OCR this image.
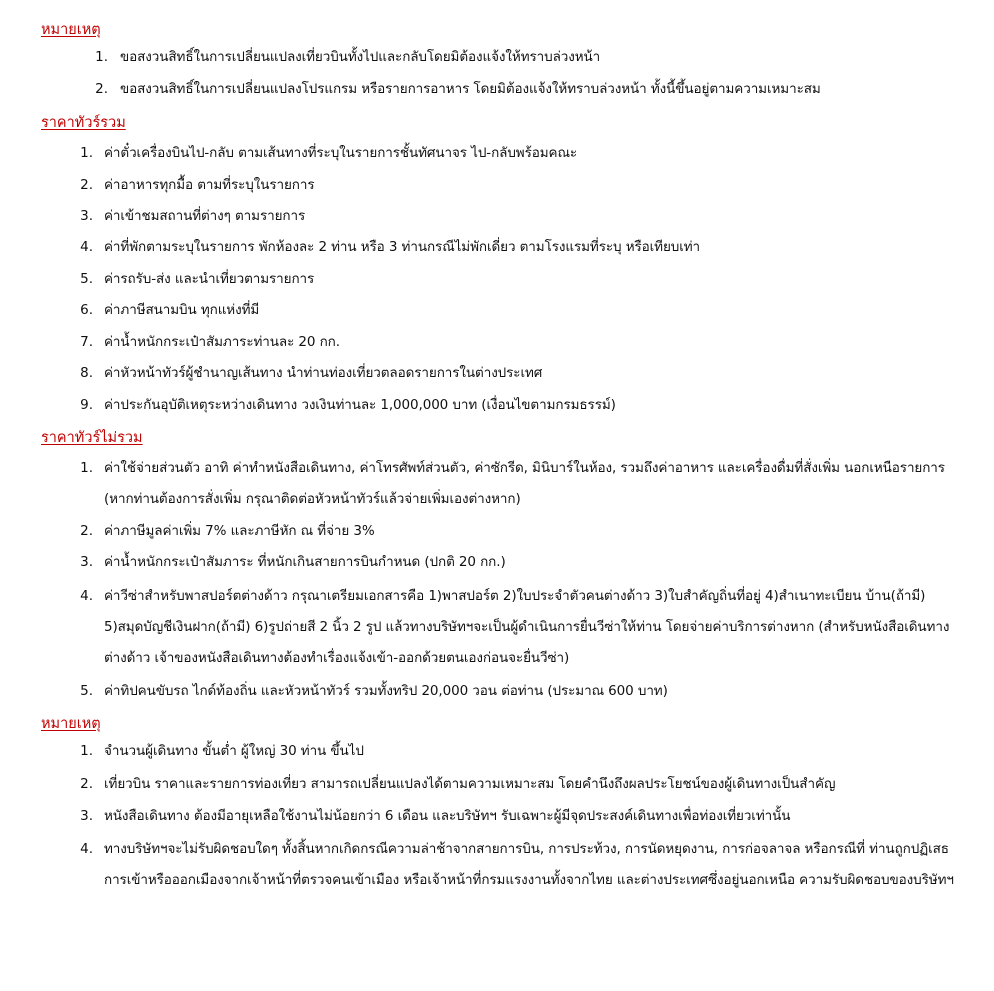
หมายเหตุ
1. ขอสงวนสิทธิ์ในการเปลี่ยนแปลงเที่ยวบินทั้งไปและกลับโดยมิต้องแจ้งให้ทราบล่วงหน้า
2. ขอสงวนสิทธิ์ในการเปลี่ยนแปลงโปรแกรม หรือรายการอาหาร โดยมิต้องแจ้งให้ทราบล่วงหน้า ทั้งนี้ขึ้นอยู่ตามความเหมาะสม
ราคาทัวร์รวม
1. ค่าตั๋วเครื่องบินไป-กลับ ตามเส้นทางที่ระบุในรายการชั้นทัศนาจร ไป-กลับพร้อมคณะ
2. ค่าอาหารทุกมื้อ ตามที่ระบุในรายการ
3. ค่าเข้าชมสถานที่ต่างๆ ตามรายการ
4. ค่าที่พักตามระบุในรายการ พักห้องละ 2 ท่าน หรือ 3 ท่านกรณีไม่พักเดี่ยว ตามโรงแรมที่ระบุ หรือเทียบเท่า
5. ค่ารถรับ-ส่ง และนำเที่ยวตามรายการ
6. ค่าภาษีสนามบิน ทุกแห่งที่มี
7. ค่าน้ำหนักกระเป๋าสัมภาระท่านละ 20 กก.
8. ค่าหัวหน้าทัวร์ผู้ชำนาญเส้นทาง นำท่านท่องเที่ยวตลอดรายการในต่างประเทศ
9. ค่าประกันอุบัติเหตุระหว่างเดินทาง วงเงินท่านละ 1,000,000 บาท (เงื่อนไขตามกรมธรรม์)
ราคาทัวร์ไม่รวม
1. ค่าใช้จ่ายส่วนตัว อาทิ ค่าทำหนังสือเดินทาง, ค่าโทรศัพท์ส่วนตัว, ค่าซักรีด, มินิบาร์ในห้อง, รวมถึงค่าอาหาร และเครื่องดื่มที่สั่งเพิ่ม นอกเหนือรายการ (หากท่านต้องการสั่งเพิ่ม กรุณาติดต่อหัวหน้าทัวร์แล้วจ่ายเพิ่มเองต่างหาก)
2. ค่าภาษีมูลค่าเพิ่ม 7% และภาษีหัก ณ ที่จ่าย 3%
3. ค่าน้ำหนักกระเป๋าสัมภาระ ที่หนักเกินสายการบินกำหนด (ปกติ 20 กก.)
4. ค่าวีซ่าสำหรับพาสปอร์ตต่างด้าว กรุณาเตรียมเอกสารคือ 1)พาสปอร์ต 2)ใบประจำตัวคนต่างด้าว 3)ใบสำคัญถิ่นที่อยู่ 4)สำเนาทะเบียน บ้าน(ถ้ามี) 5)สมุดบัญชีเงินฝาก(ถ้ามี) 6)รูปถ่ายสี 2 นิ้ว 2 รูป แล้วทางบริษัทฯจะเป็นผู้ดำเนินการยื่นวีซ่าให้ท่าน โดยจ่ายค่าบริการต่างหาก (สำหรับหนังสือเดินทางต่างด้าว เจ้าของหนังสือเดินทางต้องทำเรื่องแจ้งเข้า-ออกด้วยตนเองก่อนจะยื่นวีซ่า)
5. ค่าทิปคนขับรถ ไกด์ท้องถิ่น และหัวหน้าทัวร์ รวมทั้งทริป 20,000 วอน ต่อท่าน (ประมาณ 600 บาท)
หมายเหตุ
1. จำนวนผู้เดินทาง ขั้นต่ำ ผู้ใหญ่ 30 ท่าน ขึ้นไป
2. เที่ยวบิน ราคาและรายการท่องเที่ยว สามารถเปลี่ยนแปลงได้ตามความเหมาะสม โดยคำนึงถึงผลประโยชน์ของผู้เดินทางเป็นสำคัญ
3. หนังสือเดินทาง ต้องมีอายุเหลือใช้งานไม่น้อยกว่า 6 เดือน และบริษัทฯ รับเฉพาะผู้มีจุดประสงค์เดินทางเพื่อท่องเที่ยวเท่านั้น
4. ทางบริษัทฯจะไม่รับผิดชอบใดๆ ทั้งสิ้นหากเกิดกรณีความล่าช้าจากสายการบิน, การประท้วง, การนัดหยุดงาน, การก่อจลาจล หรือกรณีที่ ท่านถูกปฏิเสธ การเข้าหรือออกเมืองจากเจ้าหน้าที่ตรวจคนเข้าเมือง หรือเจ้าหน้าที่กรมแรงงานทั้งจากไทย และต่างประเทศซึ่งอยู่นอกเหนือ ความรับผิดชอบของบริษัทฯ
